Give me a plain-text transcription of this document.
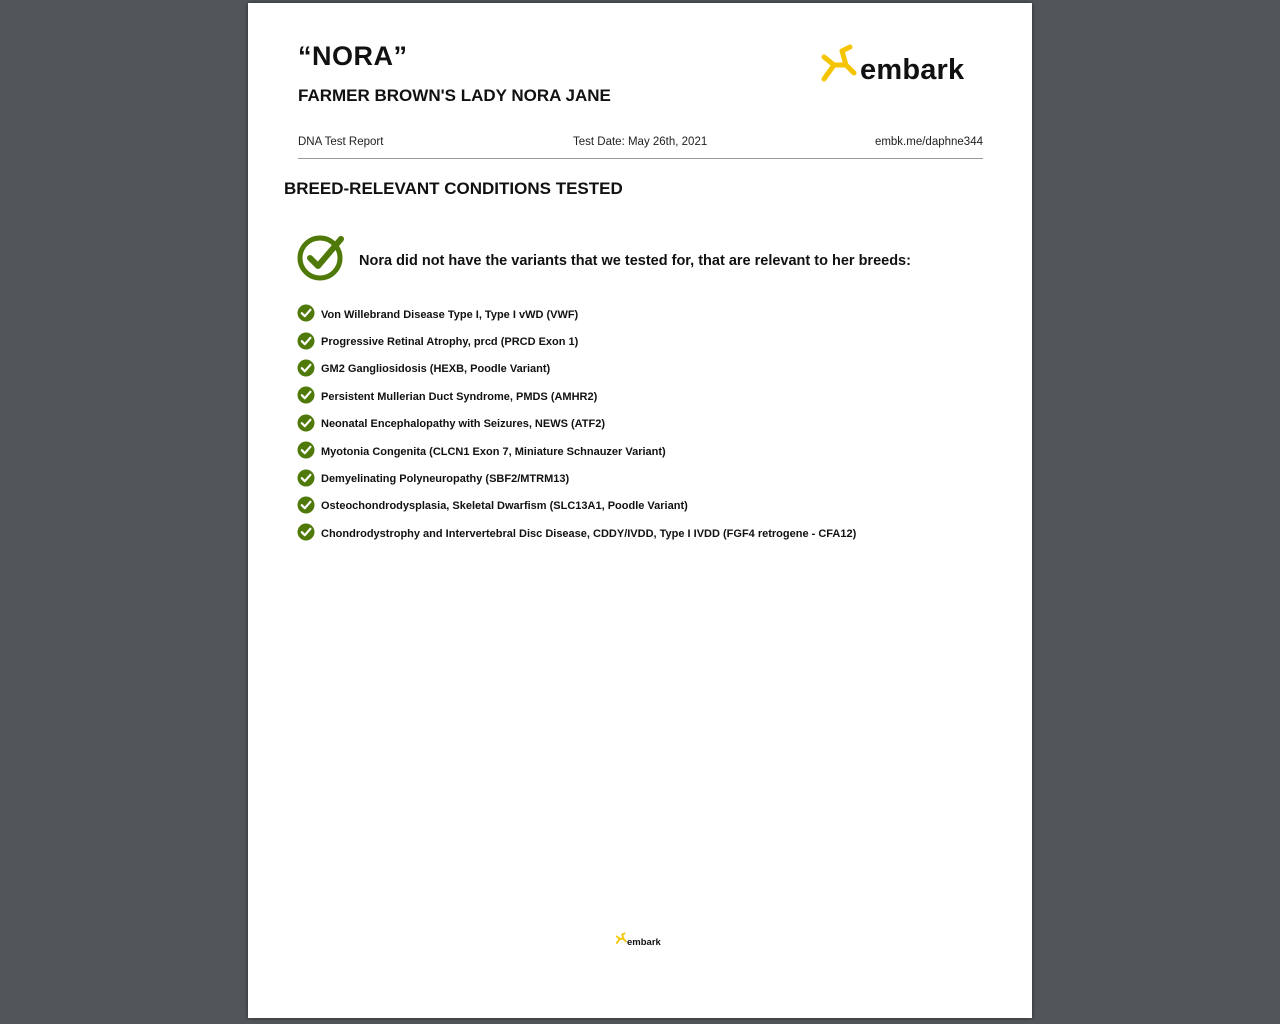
“NORA”
FARMER BROWN'S LADY NORA JANE
embark
DNA Test Report	Test Date: May 26th, 2021	embk.me/daphne344
BREED-RELEVANT CONDITIONS TESTED
Nora did not have the variants that we tested for, that are relevant to her breeds:
Von Willebrand Disease Type I, Type I vWD (VWF)
Progressive Retinal Atrophy, prcd (PRCD Exon 1)
GM2 Gangliosidosis (HEXB, Poodle Variant)
Persistent Mullerian Duct Syndrome, PMDS (AMHR2)
Neonatal Encephalopathy with Seizures, NEWS (ATF2)
Myotonia Congenita (CLCN1 Exon 7, Miniature Schnauzer Variant)
Demyelinating Polyneuropathy (SBF2/MTRM13)
Osteochondrodysplasia, Skeletal Dwarfism (SLC13A1, Poodle Variant)
Chondrodystrophy and Intervertebral Disc Disease, CDDY/IVDD, Type I IVDD (FGF4 retrogene - CFA12)
embark
